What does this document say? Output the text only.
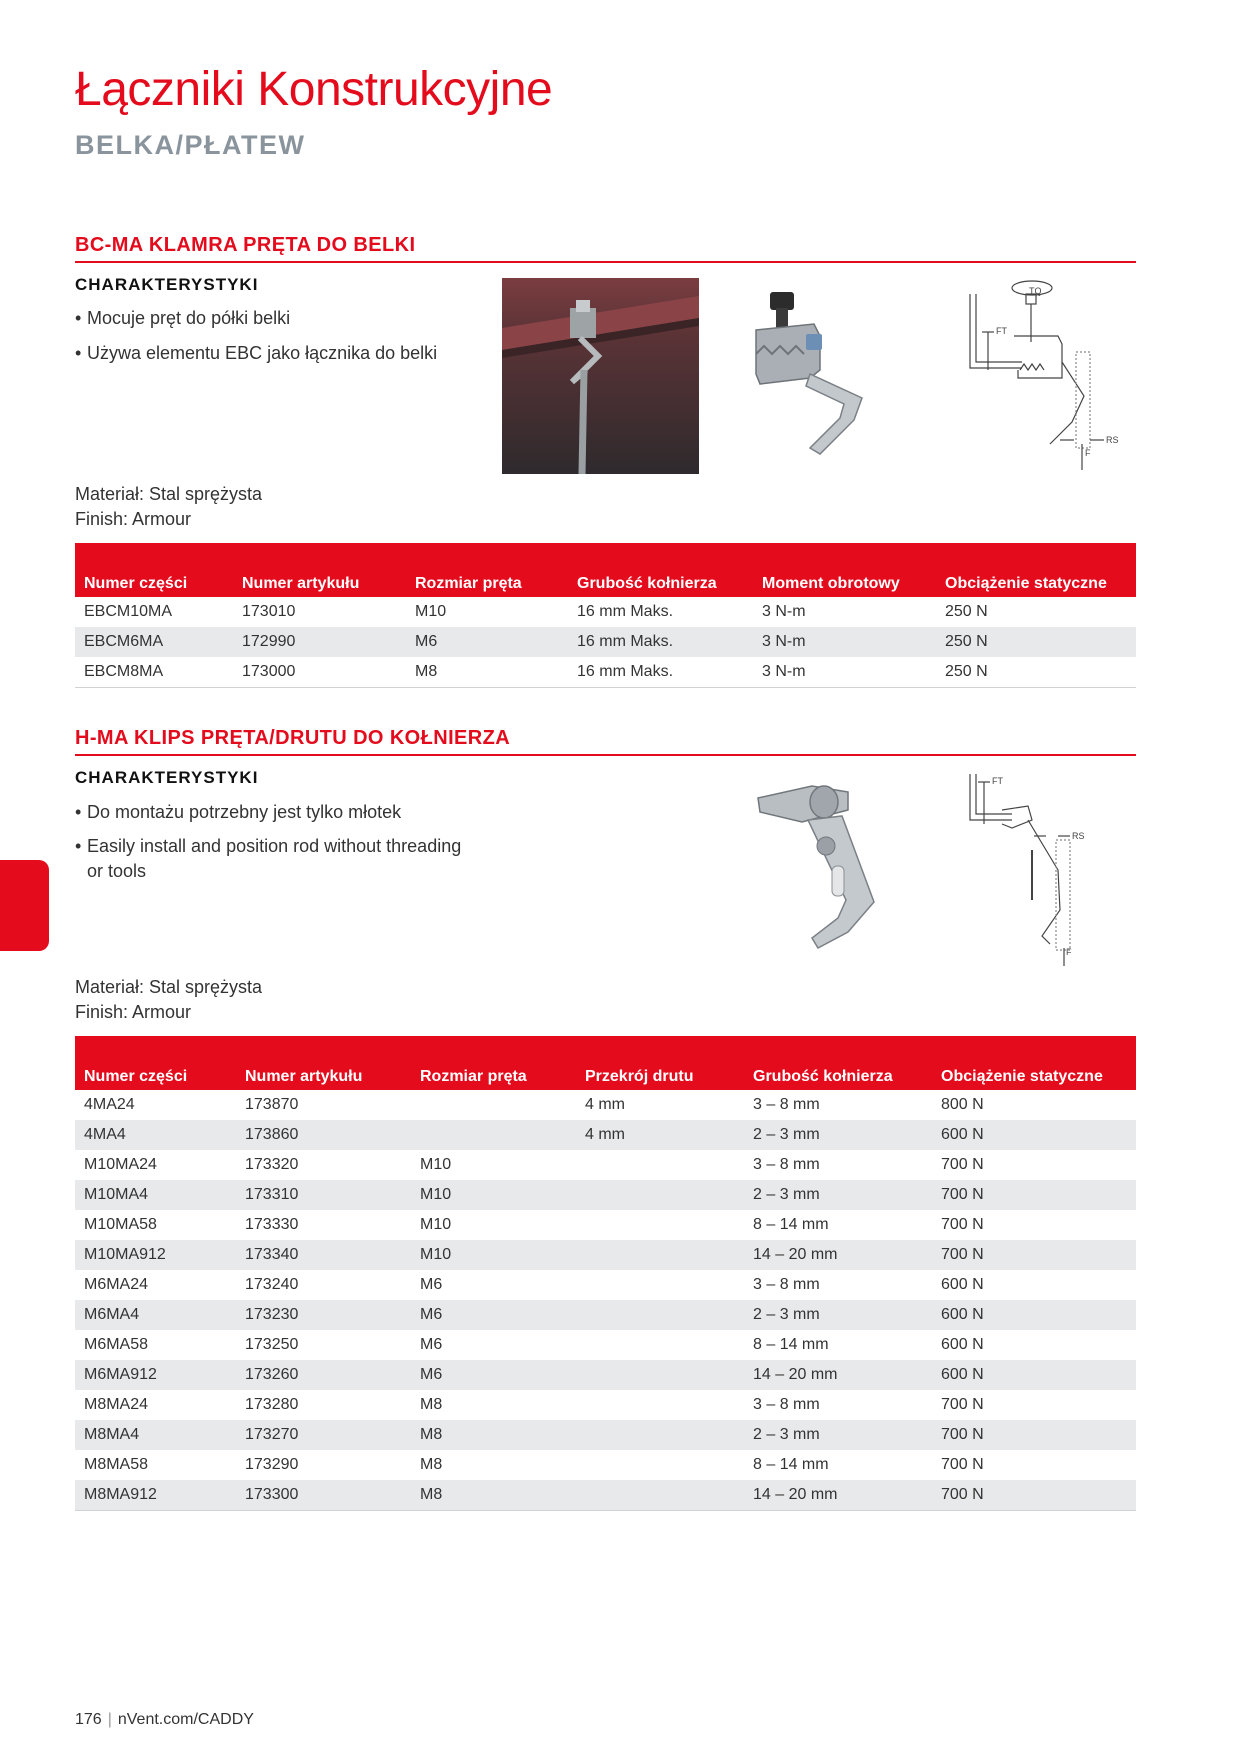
Łączniki Konstrukcyjne
BELKA/PŁATEW
BC-MA KLAMRA PRĘTA DO BELKI
CHARAKTERYSTYKI
• Mocuje pręt do półki belki
• Używa elementu EBC jako łącznika do belki
TQ
FT
RS
F
Materiał: Stal sprężysta
Finish: Armour
Numer części	Numer artykułu	Rozmiar pręta	Grubość kołnierza	Moment obrotowy	Obciążenie statyczne
EBCM10MA	173010	M10	16 mm Maks.	3 N-m	250 N
EBCM6MA	172990	M6	16 mm Maks.	3 N-m	250 N
EBCM8MA	173000	M8	16 mm Maks.	3 N-m	250 N
H-MA KLIPS PRĘTA/DRUTU DO KOŁNIERZA
CHARAKTERYSTYKI
• Do montażu potrzebny jest tylko młotek
• Easily install and position rod without threading or tools
FT
RS
F
Materiał: Stal sprężysta
Finish: Armour
Numer części	Numer artykułu	Rozmiar pręta	Przekrój drutu	Grubość kołnierza	Obciążenie statyczne
4MA24	173870		4 mm	3 – 8 mm	800 N
4MA4	173860		4 mm	2 – 3 mm	600 N
M10MA24	173320	M10		3 – 8 mm	700 N
M10MA4	173310	M10		2 – 3 mm	700 N
M10MA58	173330	M10		8 – 14 mm	700 N
M10MA912	173340	M10		14 – 20 mm	700 N
M6MA24	173240	M6		3 – 8 mm	600 N
M6MA4	173230	M6		2 – 3 mm	600 N
M6MA58	173250	M6		8 – 14 mm	600 N
M6MA912	173260	M6		14 – 20 mm	600 N
M8MA24	173280	M8		3 – 8 mm	700 N
M8MA4	173270	M8		2 – 3 mm	700 N
M8MA58	173290	M8		8 – 14 mm	700 N
M8MA912	173300	M8		14 – 20 mm	700 N
176 | nVent.com/CADDY
